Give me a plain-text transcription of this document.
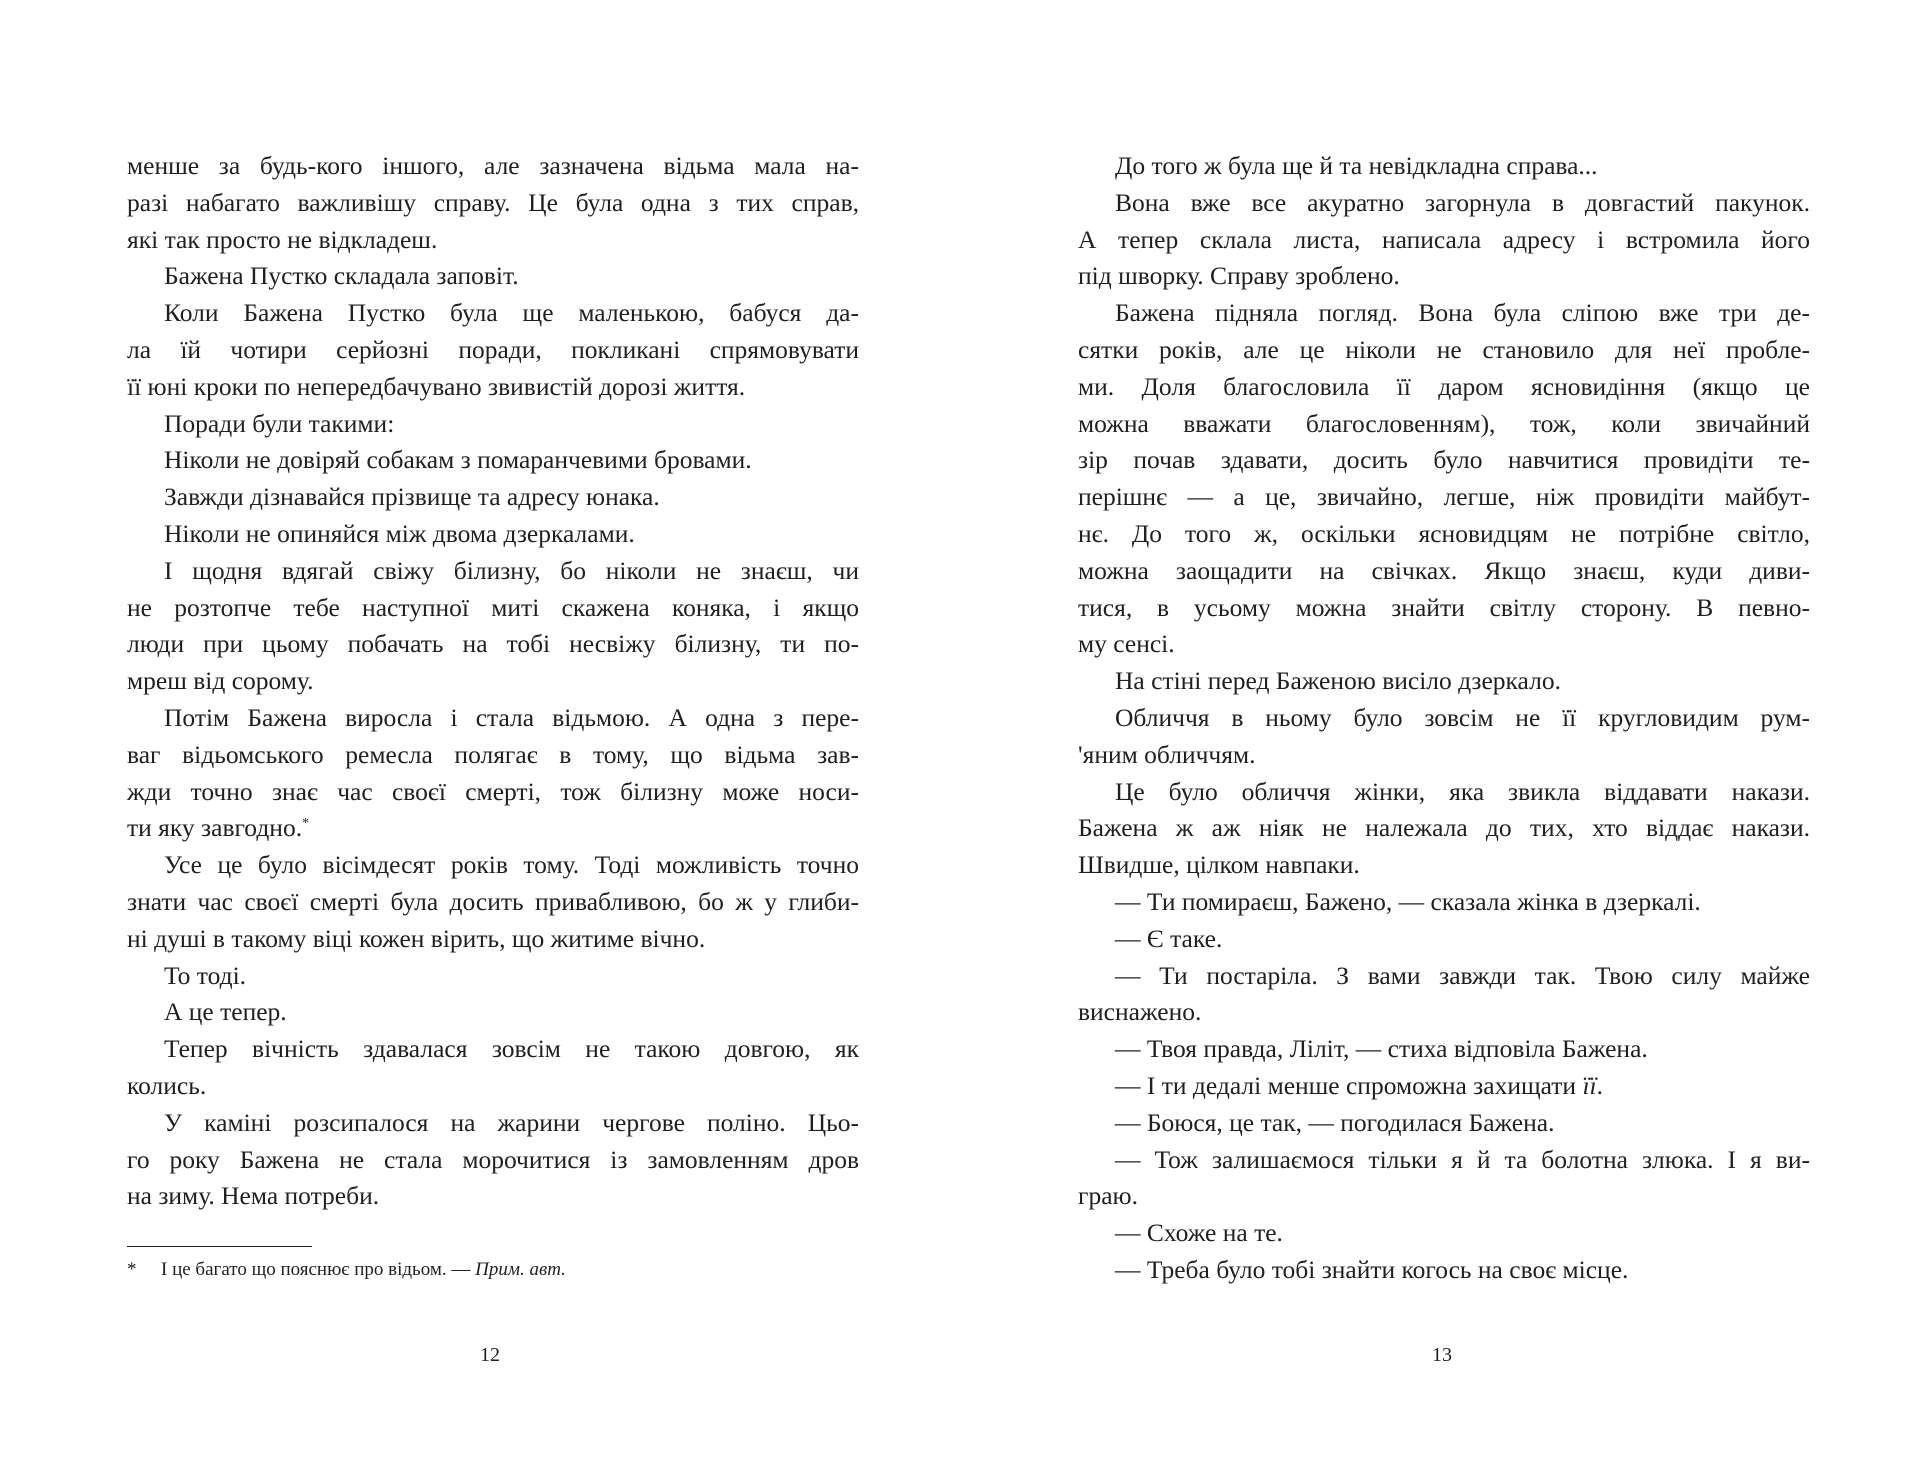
менше за будь-кого іншого, але зазначена відьма мала на-
разі набагато важливішу справу. Це була одна з тих справ,
які так просто не відкладеш.
Бажена Пустко складала заповіт.
Коли Бажена Пустко була ще маленькою, бабуся да-
ла їй чотири серйозні поради, покликані спрямовувати
її юні кроки по непередбачувано звивистій дорозі життя.
Поради були такими:
Ніколи не довіряй собакам з помаранчевими бровами.
Завжди дізнавайся прізвище та адресу юнака.
Ніколи не опиняйся між двома дзеркалами.
І щодня вдягай свіжу білизну, бо ніколи не знаєш, чи
не розтопче тебе наступної миті скажена коняка, і якщо
люди при цьому побачать на тобі несвіжу білизну, ти по-
мреш від сорому.
Потім Бажена виросла і стала відьмою. А одна з пере-
ваг відьомського ремесла полягає в тому, що відьма зав-
жди точно знає час своєї смерті, тож білизну може носи-
ти яку завгодно.*
Усе це було вісімдесят років тому. Тоді можливість точно
знати час своєї смерті була досить привабливою, бо ж у глиби-
ні душі в такому віці кожен вірить, що житиме вічно.
То тоді.
А це тепер.
Тепер вічність здавалася зовсім не такою довгою, як
колись.
У каміні розсипалося на жарини чергове поліно. Цьо-
го року Бажена не стала морочитися із замовленням дров
на зиму. Нема потреби.
* І це багато що пояснює про відьом. — Прим. авт.
12
До того ж була ще й та невідкладна справа...
Вона вже все акуратно загорнула в довгастий пакунок.
А тепер склала листа, написала адресу і встромила його
під шворку. Справу зроблено.
Бажена підняла погляд. Вона була сліпою вже три де-
сятки років, але це ніколи не становило для неї пробле-
ми. Доля благословила її даром ясновидіння (якщо це
можна вважати благословенням), тож, коли звичайний
зір почав здавати, досить було навчитися провидіти те-
перішнє — а це, звичайно, легше, ніж провидіти майбут-
нє. До того ж, оскільки ясновидцям не потрібне світло,
можна заощадити на свічках. Якщо знаєш, куди диви-
тися, в усьому можна знайти світлу сторону. В певно-
му сенсі.
На стіні перед Баженою висіло дзеркало.
Обличчя в ньому було зовсім не її кругловидим рум-
'яним обличчям.
Це було обличчя жінки, яка звикла віддавати накази.
Бажена ж аж ніяк не належала до тих, хто віддає накази.
Швидше, цілком навпаки.
— Ти помираєш, Бажено, — сказала жінка в дзеркалі.
— Є таке.
— Ти постаріла. З вами завжди так. Твою силу майже
виснажено.
— Твоя правда, Ліліт, — стиха відповіла Бажена.
— І ти дедалі менше спроможна захищати її.
— Боюся, це так, — погодилася Бажена.
— Тож залишаємося тільки я й та болотна злюка. І я ви-
граю.
— Схоже на те.
— Треба було тобі знайти когось на своє місце.
13
